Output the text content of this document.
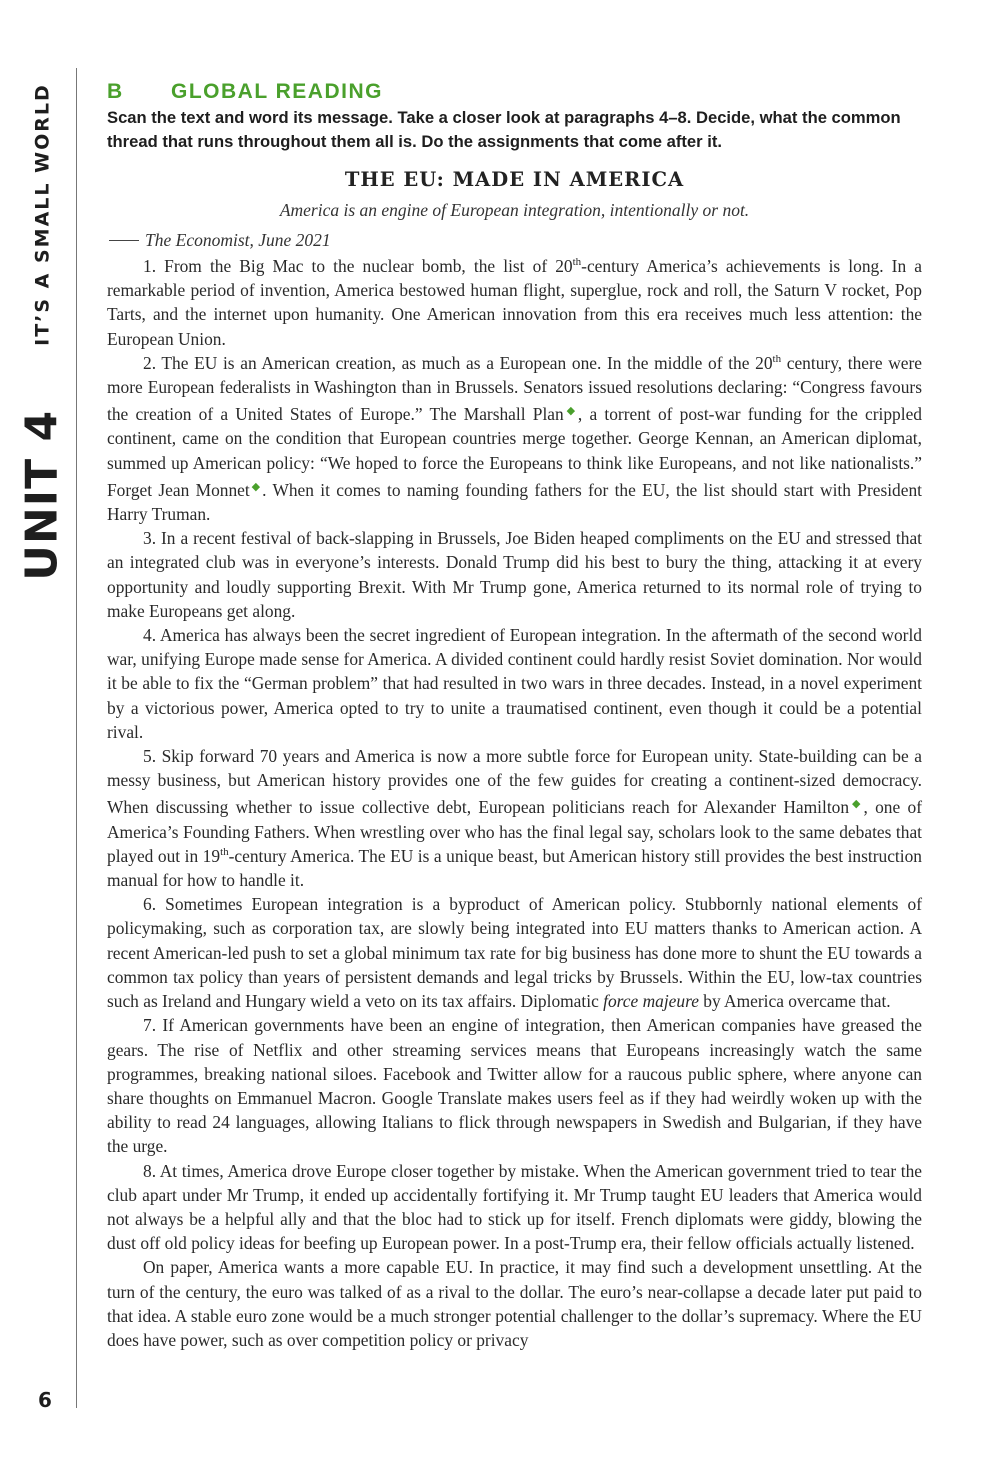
UNIT 4
IT’S A SMALL WORLD
6
B GLOBAL READING
Scan the text and word its message. Take a closer look at paragraphs 4–8. Decide, what the common thread that runs throughout them all is. Do the assignments that come after it.
THE EU: MADE IN AMERICA
America is an engine of European integration, intentionally or not.
The Economist, June 2021

1. From the Big Mac to the nuclear bomb, the list of 20th-century America’s achievements is long. In a remarkable period of invention, America bestowed human flight, superglue, rock and roll, the Saturn V rocket, Pop Tarts, and the internet upon humanity. One American innovation from this era receives much less attention: the European Union.

2. The EU is an American creation, as much as a European one. In the middle of the 20th century, there were more European federalists in Washington than in Brussels. Senators issued resolutions declaring: “Congress favours the creation of a United States of Europe.” The Marshall Plan◆, a torrent of post-war funding for the crippled continent, came on the condition that European countries merge together. George Kennan, an American diplomat, summed up American policy: “We hoped to force the Europeans to think like Europeans, and not like nationalists.” Forget Jean Monnet◆. When it comes to naming founding fathers for the EU, the list should start with President Harry Truman.

3. In a recent festival of back-slapping in Brussels, Joe Biden heaped compliments on the EU and stressed that an integrated club was in everyone’s interests. Donald Trump did his best to bury the thing, attacking it at every opportunity and loudly supporting Brexit. With Mr Trump gone, America returned to its normal role of trying to make Europeans get along.

4. America has always been the secret ingredient of European integration. In the aftermath of the second world war, unifying Europe made sense for America. A divided continent could hardly resist Soviet domination. Nor would it be able to fix the “German problem” that had resulted in two wars in three decades. Instead, in a novel experiment by a victorious power, America opted to try to unite a traumatised continent, even though it could be a potential rival.

5. Skip forward 70 years and America is now a more subtle force for European unity. State-building can be a messy business, but American history provides one of the few guides for creating a continent-sized democracy. When discussing whether to issue collective debt, European politicians reach for Alexander Hamilton◆, one of America’s Founding Fathers. When wrestling over who has the final legal say, scholars look to the same debates that played out in 19th-century America. The EU is a unique beast, but American history still provides the best instruction manual for how to handle it.

6. Sometimes European integration is a byproduct of American policy. Stubbornly national elements of policymaking, such as corporation tax, are slowly being integrated into EU matters thanks to American action. A recent American-led push to set a global minimum tax rate for big business has done more to shunt the EU towards a common tax policy than years of persistent demands and legal tricks by Brussels. Within the EU, low-tax countries such as Ireland and Hungary wield a veto on its tax affairs. Diplomatic force majeure by America overcame that.

7. If American governments have been an engine of integration, then American companies have greased the gears. The rise of Netflix and other streaming services means that Europeans increasingly watch the same programmes, breaking national siloes. Facebook and Twitter allow for a raucous public sphere, where anyone can share thoughts on Emmanuel Macron. Google Translate makes users feel as if they had weirdly woken up with the ability to read 24 languages, allowing Italians to flick through newspapers in Swedish and Bulgarian, if they have the urge.

8. At times, America drove Europe closer together by mistake. When the American government tried to tear the club apart under Mr Trump, it ended up accidentally fortifying it. Mr Trump taught EU leaders that America would not always be a helpful ally and that the bloc had to stick up for itself. French diplomats were giddy, blowing the dust off old policy ideas for beefing up European power. In a post-Trump era, their fellow officials actually listened.

On paper, America wants a more capable EU. In practice, it may find such a development unsettling. At the turn of the century, the euro was talked of as a rival to the dollar. The euro’s near-collapse a decade later put paid to that idea. A stable euro zone would be a much stronger potential challenger to the dollar’s supremacy. Where the EU does have power, such as over competition policy or privacy
